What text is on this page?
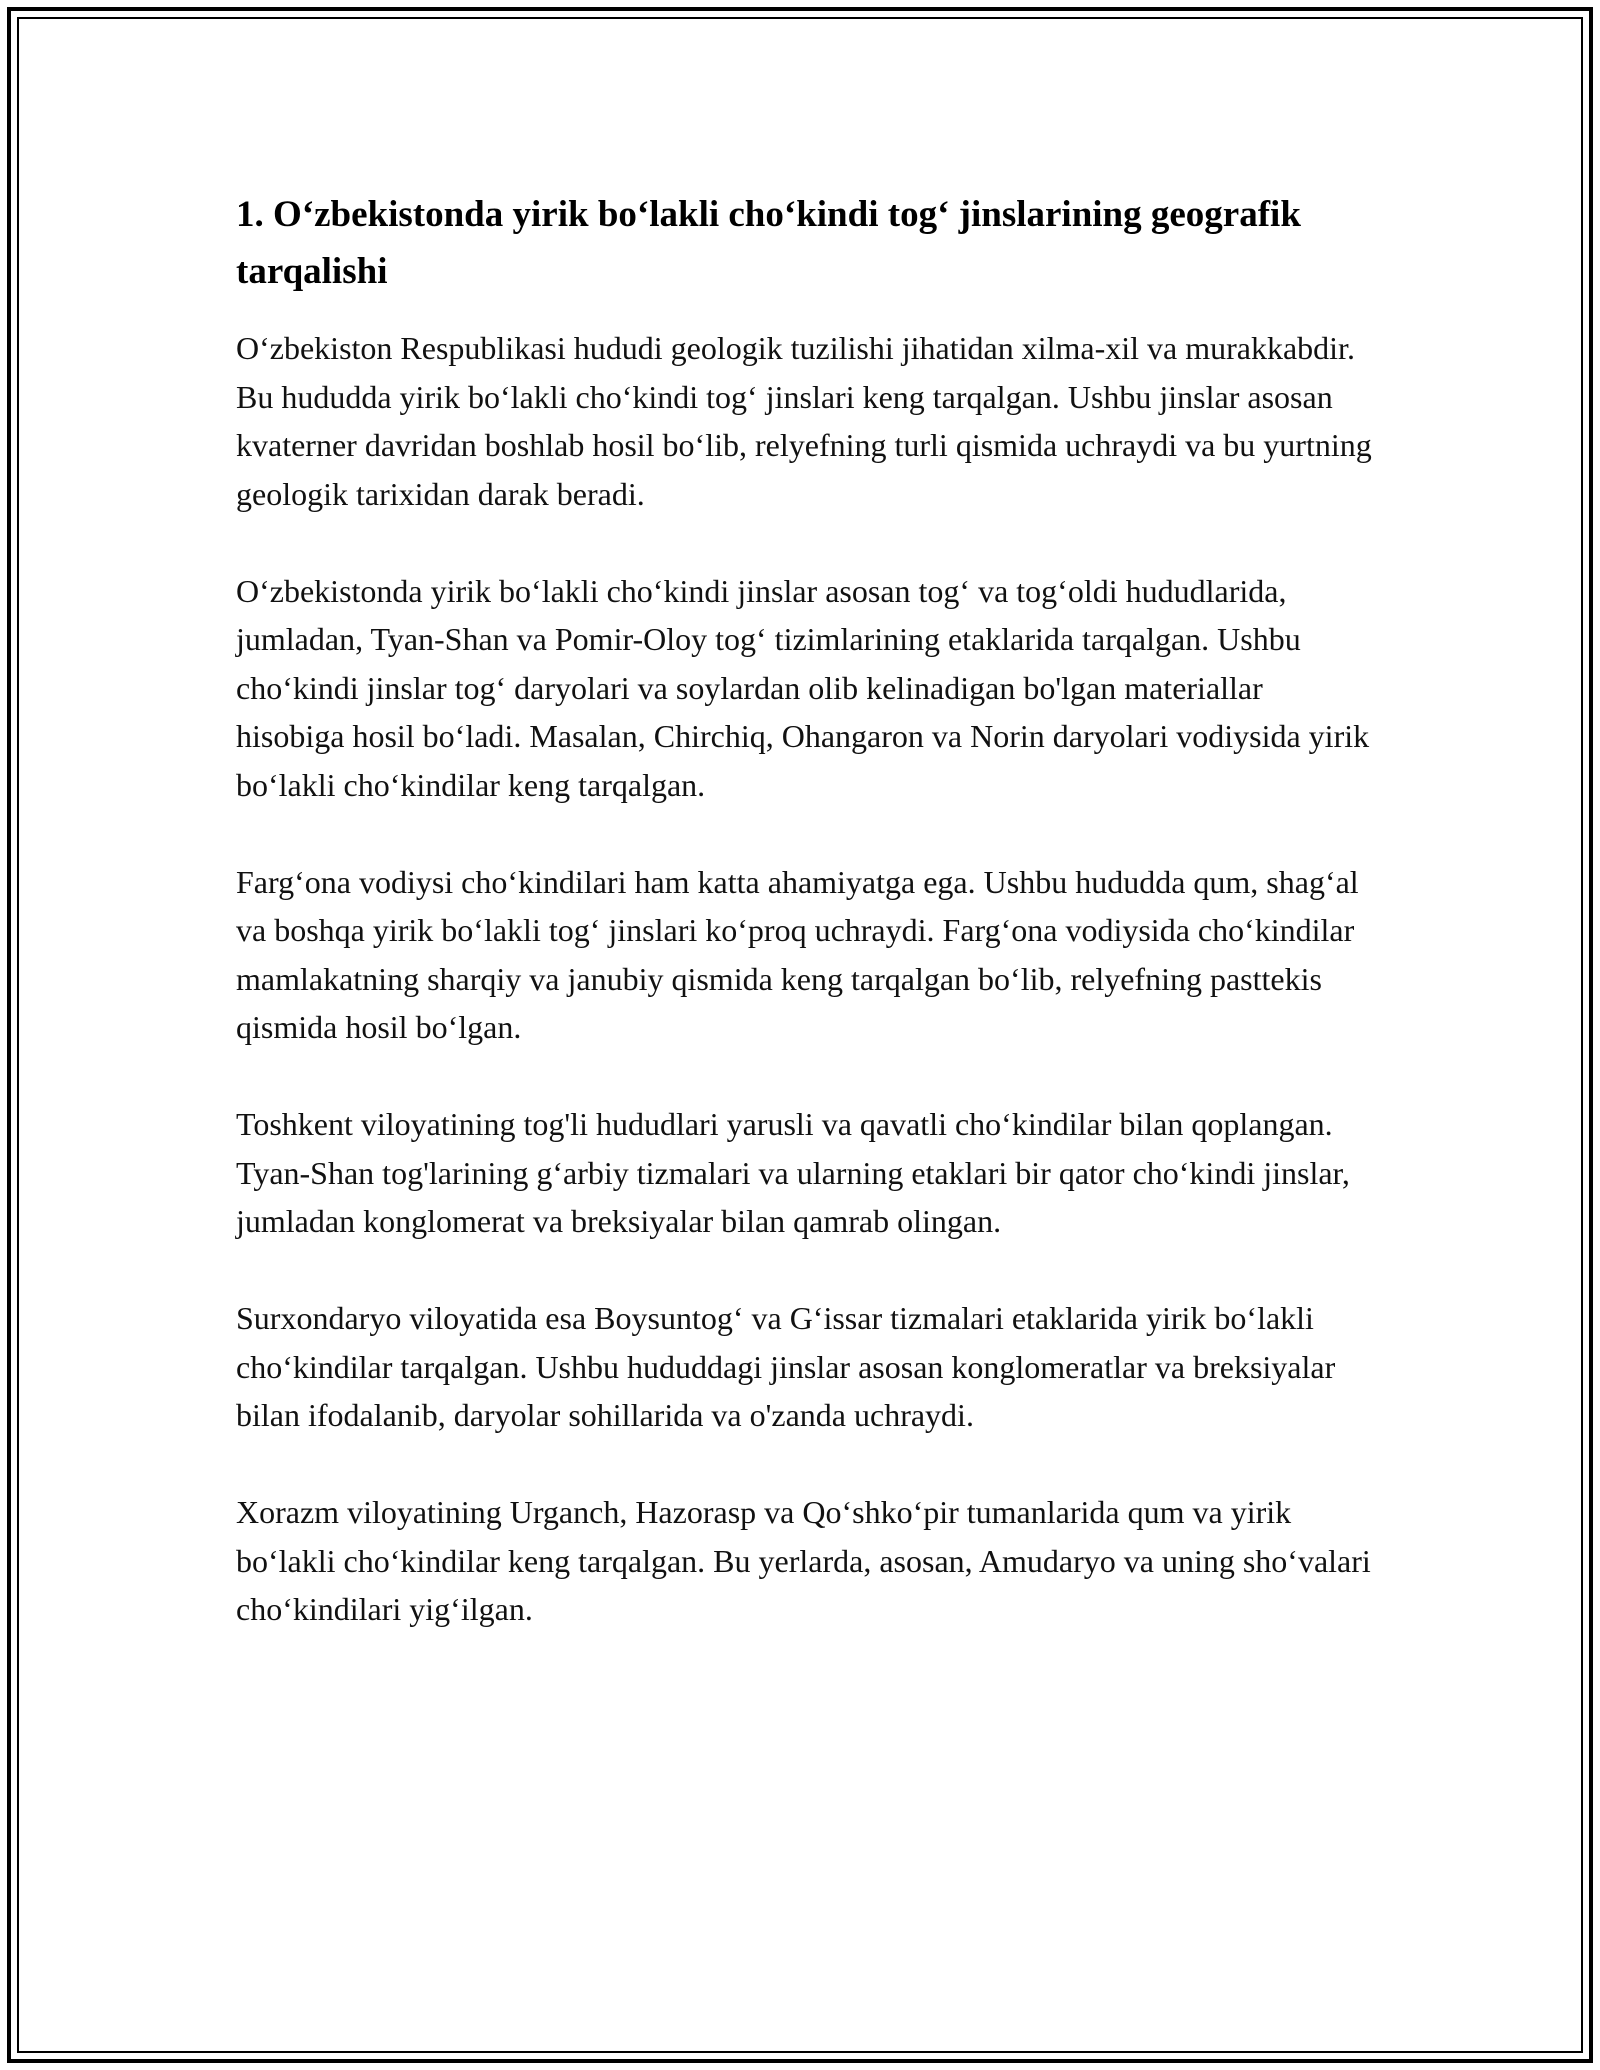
1. O‘zbekistonda yirik bo‘lakli cho‘kindi tog‘ jinslarining geografik tarqalishi

O‘zbekiston Respublikasi hududi geologik tuzilishi jihatidan xilma-xil va murakkabdir. Bu hududda yirik bo‘lakli cho‘kindi tog‘ jinslari keng tarqalgan. Ushbu jinslar asosan kvaterner davridan boshlab hosil bo‘lib, relyefning turli qismida uchraydi va bu yurtning geologik tarixidan darak beradi.

O‘zbekistonda yirik bo‘lakli cho‘kindi jinslar asosan tog‘ va tog‘oldi hududlarida, jumladan, Tyan-Shan va Pomir-Oloy tog‘ tizimlarining etaklarida tarqalgan. Ushbu cho‘kindi jinslar tog‘ daryolari va soylardan olib kelinadigan bo'lgan materiallar hisobiga hosil bo‘ladi. Masalan, Chirchiq, Ohangaron va Norin daryolari vodiysida yirik bo‘lakli cho‘kindilar keng tarqalgan.

Farg‘ona vodiysi cho‘kindilari ham katta ahamiyatga ega. Ushbu hududda qum, shag‘al va boshqa yirik bo‘lakli tog‘ jinslari ko‘proq uchraydi. Farg‘ona vodiysida cho‘kindilar mamlakatning sharqiy va janubiy qismida keng tarqalgan bo‘lib, relyefning pasttekis qismida hosil bo‘lgan.

Toshkent viloyatining tog'li hududlari yarusli va qavatli cho‘kindilar bilan qoplangan. Tyan-Shan tog'larining g‘arbiy tizmalari va ularning etaklari bir qator cho‘kindi jinslar, jumladan konglomerat va breksiyalar bilan qamrab olingan.

Surxondaryo viloyatida esa Boysuntog‘ va G‘issar tizmalari etaklarida yirik bo‘lakli cho‘kindilar tarqalgan. Ushbu hududdagi jinslar asosan konglomeratlar va breksiyalar bilan ifodalanib, daryolar sohillarida va o'zanda uchraydi.

Xorazm viloyatining Urganch, Hazorasp va Qo‘shko‘pir tumanlarida qum va yirik bo‘lakli cho‘kindilar keng tarqalgan. Bu yerlarda, asosan, Amudaryo va uning sho‘valari cho‘kindilari yig‘ilgan.
